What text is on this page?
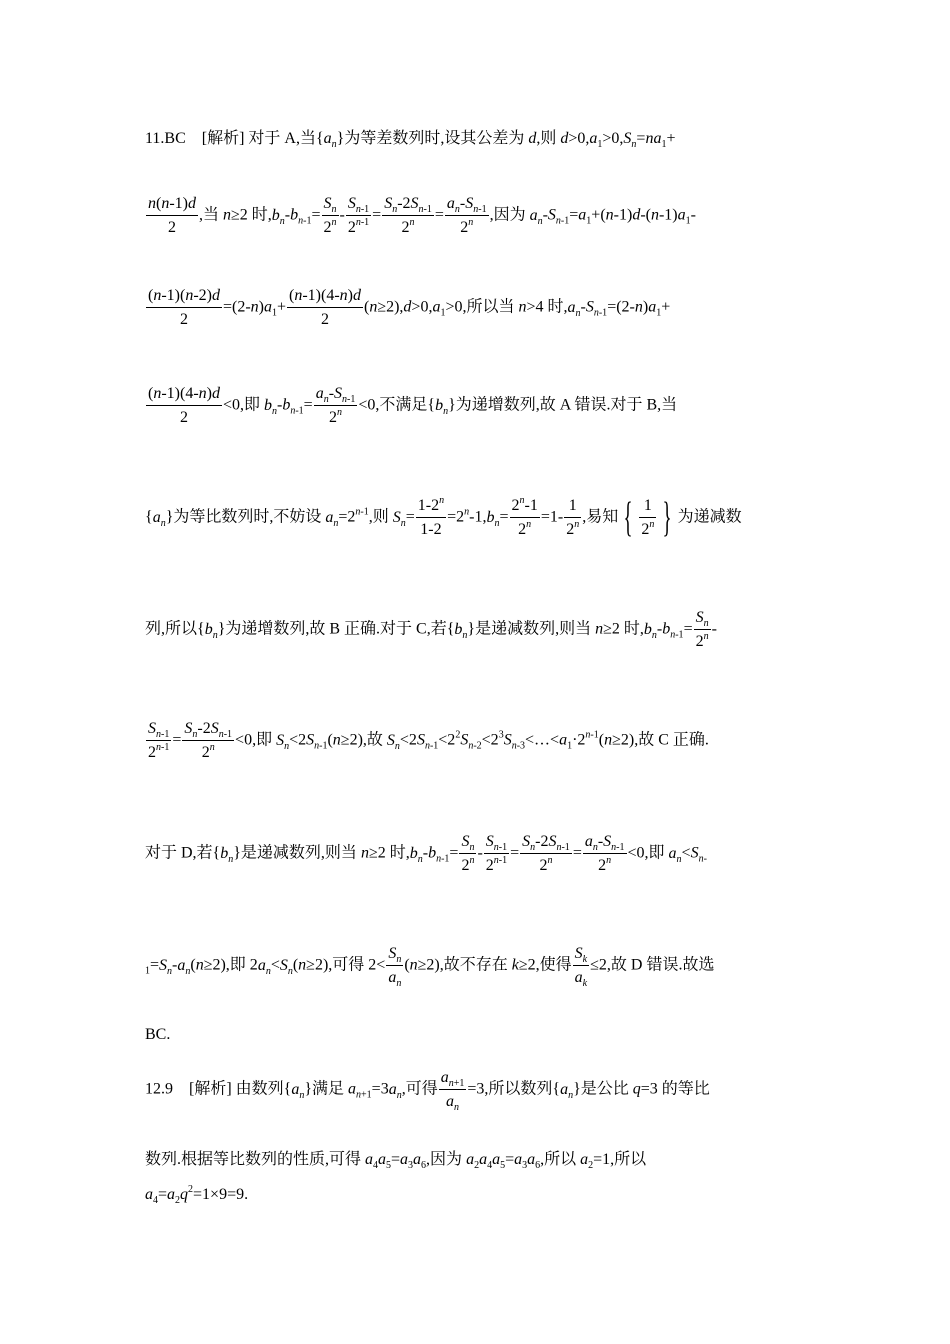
11.BC　[解析] 对于 A,当$\{a_n\}$为等差数列时,设其公差为 d,则 $d>0,a_1>0,S_n=na_1+$
$\frac{n(n-1)d}{2}$ ,当 n≥2 时$,b_n-b_{n-1}= \frac{S_n}{2^n} - \frac{S_{n-1}}{2^{n-1}} = \frac{S_n-2S_{n-1}}{2^n} = \frac{a_n-S_{n-1}}{2^n}$ ,因为 $a_n-S_{n-1}=a_1+(n-1)d-(n-1)a_1-$
$\frac{(n-1)(n-2)d}{2} =(2-n)a_1+ \frac{(n-1)(4-n)d}{2} (n\ge 2),d>0,a_1>0$,所以当 n>4 时$,a_n-S_{n-1}=(2-n)a_1+$
$\frac{(n-1)(4-n)d}{2} <0$,即 $b_n-b_{n-1}= \frac{a_n-S_{n-1}}{2^n} <0$,不满足$\{b_n\}$为递增数列,故 A 错误.对于 B,当
$\{a_n\}$为等比数列时,不妨设 $a_n=2^{n-1}$,则 $S_n= \frac{1-2^n}{1-2} =2^n-1,b_n= \frac{2^n-1}{2^n} =1- \frac{1}{2^n}$ ,易知 { $\frac{1}{2^n}$ } 为递减数
列,所以$\{b_n\}$为递增数列,故 B 正确.对于 C,若$\{b_n\}$是递减数列,则当 n≥2 时$,b_n-b_{n-1}= \frac{S_n}{2^n}$ -
$\frac{S_{n-1}}{2^{n-1}} = \frac{S_n-2S_{n-1}}{2^n} <0$,即 $S_n<2S_{n-1}(n\ge 2)$,故 $S_n<2S_{n-1}<2^2S_{n-2}<2^3S_{n-3}<\dots<a_1\cdot 2^{n-1}(n\ge 2)$,故 C 正确.
对于 D,若$\{b_n\}$是递减数列,则当 n≥2 时$,b_n-b_{n-1}= \frac{S_n}{2^n} - \frac{S_{n-1}}{2^{n-1}} = \frac{S_n-2S_{n-1}}{2^n} = \frac{a_n-S_{n-1}}{2^n} <0$,即 $a_n<S_{n-}$
$_1=S_n-a_n(n\ge 2)$,即 $2a_n<S_n(n\ge 2)$,可得 $2< \frac{S_n}{a_n} (n\ge 2)$,故不存在 k≥2,使得 $\frac{S_k}{a_k} \le 2$,故 D 错误.故选
BC.
12.9　[解析] 由数列$\{a_n\}$满足 $a_{n+1}=3a_n$,可得 $\frac{a_{n+1}}{a_n} =3$,所以数列$\{a_n\}$是公比 q=3 的等比
数列.根据等比数列的性质,可得 $a_4a_5=a_3a_6$,因为 $a_2a_4a_5=a_3a_6$,所以 $a_2=1$,所以
$a_4=a_2q^2=1\times 9=9$.
